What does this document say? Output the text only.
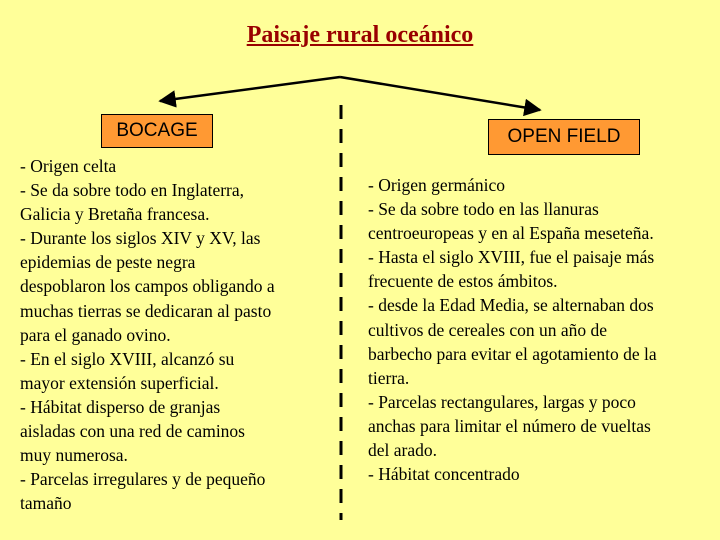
Paisaje rural oceánico
BOCAGE	OPEN FIELD
- Origen celta
- Se da sobre todo en Inglaterra,
Galicia y Bretaña francesa.
- Durante los siglos XIV y XV, las
epidemias de peste negra
despoblaron los campos obligando a
muchas tierras se dedicaran al pasto
para el ganado ovino.
- En el siglo XVIII, alcanzó su
mayor extensión superficial.
- Hábitat disperso de granjas
aisladas con una red de caminos
muy numerosa.
- Parcelas irregulares y de pequeño
tamaño
- Origen germánico
- Se da sobre todo en las llanuras
centroeuropeas y en al España meseteña.
- Hasta el siglo XVIII, fue el paisaje más
frecuente de estos ámbitos.
- desde la Edad Media, se alternaban dos
cultivos de cereales con un año de
barbecho para evitar el agotamiento de la
tierra.
- Parcelas rectangulares, largas y poco
anchas para limitar el número de vueltas
del arado.
- Hábitat concentrado
